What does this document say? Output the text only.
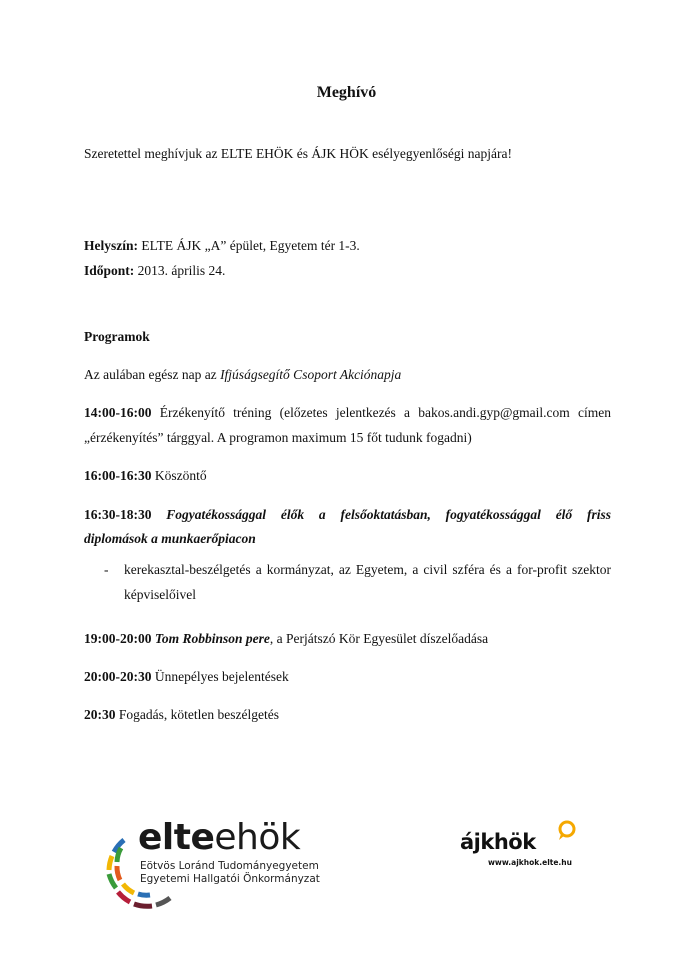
Meghívó
Szeretettel meghívjuk az ELTE EHÖK és ÁJK HÖK esélyegyenlőségi napjára!
Helyszín: ELTE ÁJK „A” épület, Egyetem tér 1-3.
Időpont: 2013. április 24.
Programok
Az aulában egész nap az Ifjúságsegítő Csoport Akciónapja
14:00-16:00 Érzékenyítő tréning (előzetes jelentkezés a bakos.andi.gyp@gmail.com címen
„érzékenyítés” tárggyal. A programon maximum 15 főt tudunk fogadni)
16:00-16:30 Köszöntő
16:30-18:30 Fogyatékossággal élők a felsőoktatásban, fogyatékossággal élő friss
diplomások a munkaerőpiacon
- kerekasztal-beszélgetés a kormányzat, az Egyetem, a civil szféra és a for-profit szektor
képviselőivel
19:00-20:00 Tom Robbinson pere, a Perjátszó Kör Egyesület díszelőadása
20:00-20:30 Ünnepélyes bejelentések
20:30 Fogadás, kötetlen beszélgetés
elteehök
Eötvös Loránd Tudományegyetem
Egyetemi Hallgatói Önkormányzat
ájkhök
www.ajkhok.elte.hu
